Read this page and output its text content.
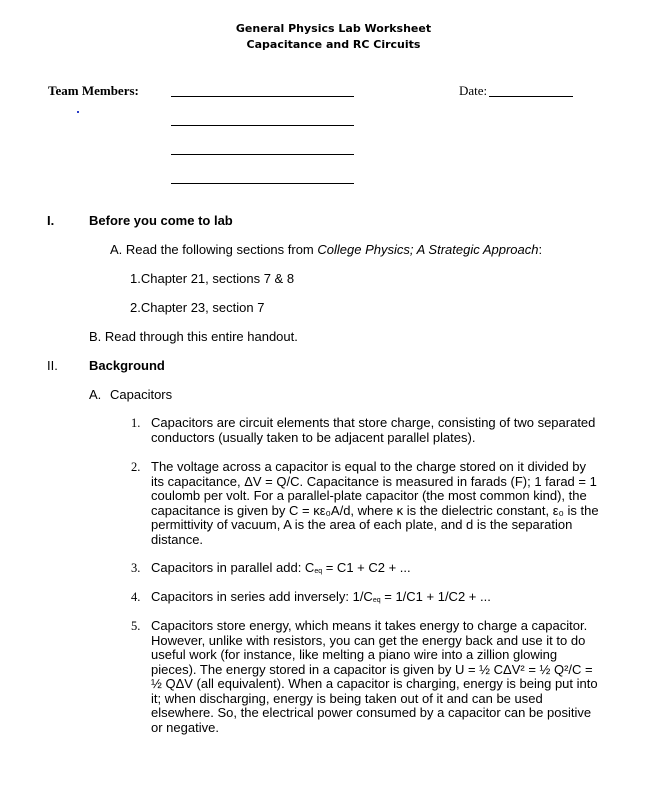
General Physics Lab Worksheet
Capacitance and RC Circuits
Team Members:	Date:
I.	Before you come to lab
A. Read the following sections from College Physics; A Strategic Approach:
1.Chapter 21, sections 7 & 8
2.Chapter 23, section 7
B. Read through this entire handout.
II. Background
A. Capacitors
1. Capacitors are circuit elements that store charge, consisting of two separated
conductors (usually taken to be adjacent parallel plates).
2. The voltage across a capacitor is equal to the charge stored on it divided by
its capacitance, ΔV = Q/C. Capacitance is measured in farads (F); 1 farad = 1
coulomb per volt. For a parallel-plate capacitor (the most common kind), the
capacitance is given by C = κε₀A/d, where κ is the dielectric constant, ε₀ is the
permittivity of vacuum, A is the area of each plate, and d is the separation
distance.
3. Capacitors in parallel add: Ceq = C1 + C2 + ...
4. Capacitors in series add inversely: 1/Ceq = 1/C1 + 1/C2 + ...
5. Capacitors store energy, which means it takes energy to charge a capacitor.
However, unlike with resistors, you can get the energy back and use it to do
useful work (for instance, like melting a piano wire into a zillion glowing
pieces). The energy stored in a capacitor is given by U = ½ CΔV² = ½ Q²/C =
½ QΔV (all equivalent). When a capacitor is charging, energy is being put into
it; when discharging, energy is being taken out of it and can be used
elsewhere. So, the electrical power consumed by a capacitor can be positive
or negative.
